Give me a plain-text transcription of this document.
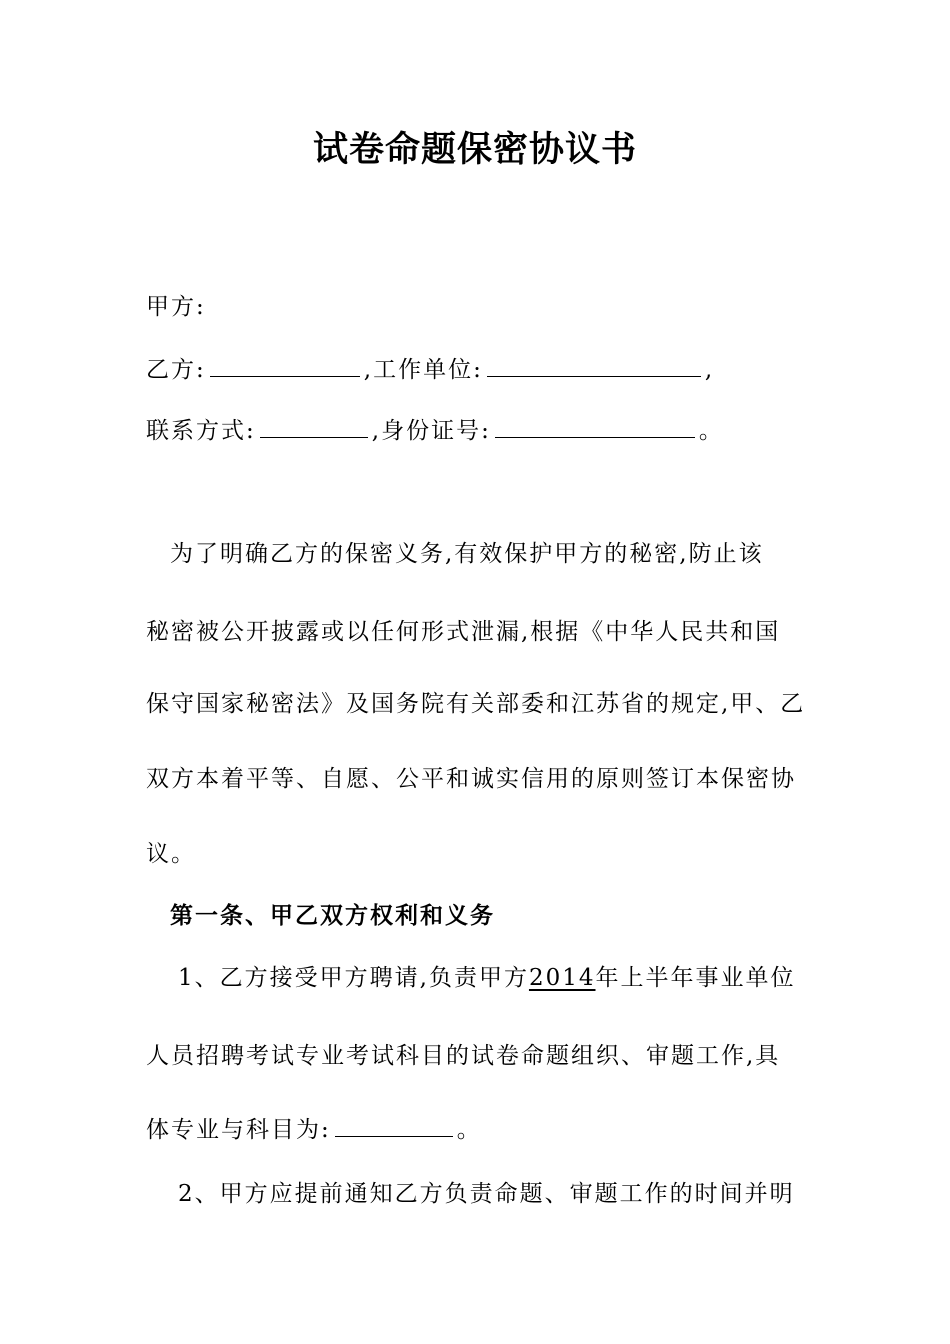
试卷命题保密协议书
甲方:
乙方:	,工作单位:	,
联系方式:	,身份证号:	。
为了明确乙方的保密义务,有效保护甲方的秘密,防止该
秘密被公开披露或以任何形式泄漏,根据《中华人民共和国
保守国家秘密法》及国务院有关部委和江苏省的规定,甲、乙
双方本着平等、自愿、公平和诚实信用的原则签订本保密协
议。
第一条、甲乙双方权利和义务
1、乙方接受甲方聘请,负责甲方2014年上半年事业单位
人员招聘考试专业考试科目的试卷命题组织、审题工作,具
体专业与科目为:	。
2、甲方应提前通知乙方负责命题、审题工作的时间并明
